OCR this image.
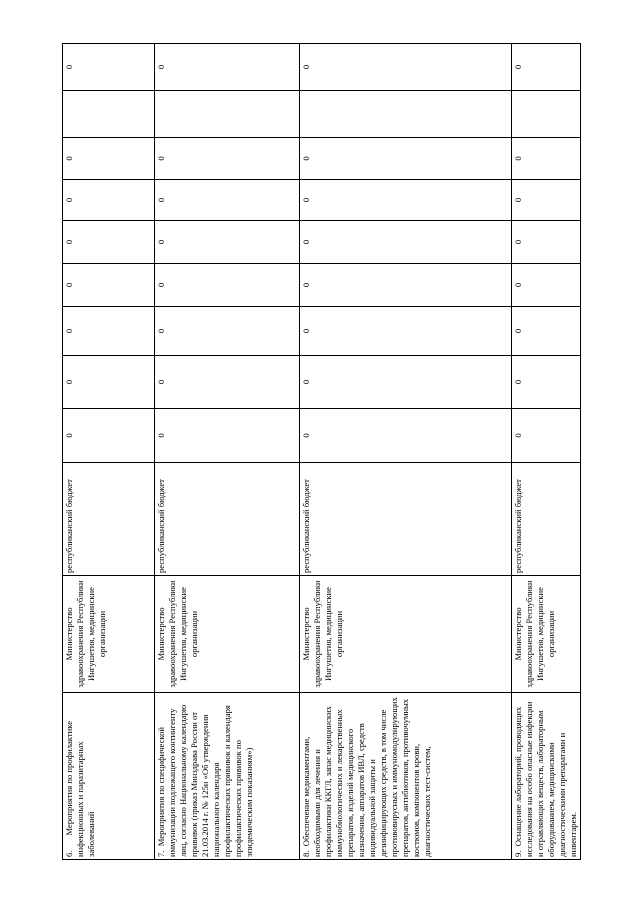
6.       Мероприятия по профилактике инфекционных и паразитарных заболеваний	Министерство здравоохранения Республики Ингушетия, медицинские организации	республиканский бюджет	0	0	0	0	0	0	0		0
7.  Мероприятия по специфической иммунизации подлежащего контингенту лиц, согласно Национальному календарю прививок (приказ Минздрава России от 21.03.2014 г. № 125н «Об утверждении национального календаря профилактических прививок и календаря профилактических прививок по эпидемическим показаниям»)	Министерство здравоохранения Республики Ингушетия, медицинские организации	республиканский бюджет	0	0	0	0	0	0	0		0
8.  Обеспечение медикаментами, необходимыми для лечения и профилактики ККГЛ, запас медицинских иммунобиологических и лекарственных препаратов, изделий медицинского назначения, аппаратов ИВЛ, средств индивидуальной защиты и дезинфицирующих средств, в том числе противовирусных и иммуномодулирующих препаратов, антибиотиков, противочумных костюмов, компонентов крови, диагностических тест-систем,	Министерство здравоохранения Республики Ингушетия, медицинские организации	республиканский бюджет	0	0	0	0	0	0	0		0
9.  Оснащение лабораторий, проводящих исследования на особо опасные инфекции и отравляющих веществ, лабораторным оборудованием, медицинскими диагностическими препаратами и инвентарем.	Министерство здравоохранения Республики Ингушетия, медицинские организации	республиканский бюджет	0	0	0	0	0	0	0		0
